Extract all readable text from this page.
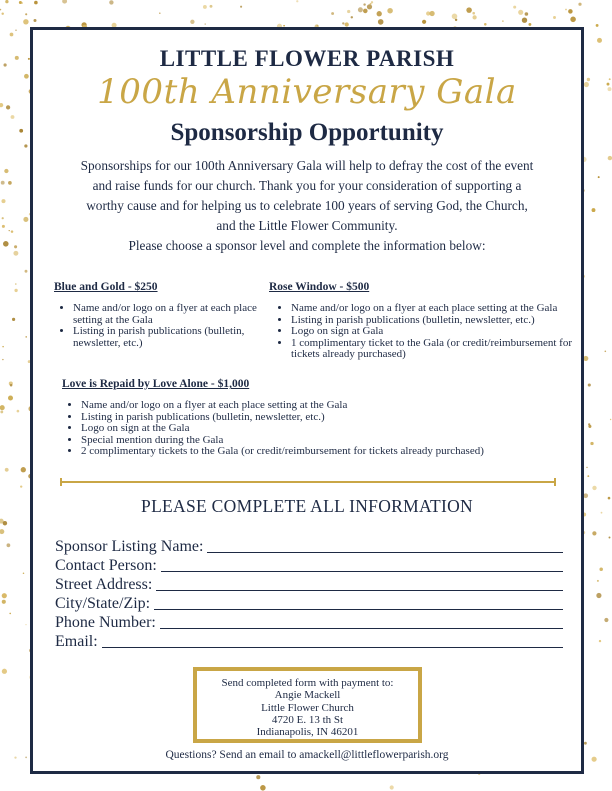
LITTLE FLOWER PARISH
100th Anniversary Gala
Sponsorship Opportunity
Sponsorships for our 100th Anniversary Gala will help to defray the cost of the event
and raise funds for our church. Thank you for your consideration of supporting a
worthy cause and for helping us to celebrate 100 years of serving God, the Church,
and the Little Flower Community.
Please choose a sponsor level and complete the information below:
Blue and Gold - $250
• Name and/or logo on a flyer at each place setting at the Gala
• Listing in parish publications (bulletin, newsletter, etc.)
Rose Window - $500
• Name and/or logo on a flyer at each place setting at the Gala
• Listing in parish publications (bulletin, newsletter, etc.)
• Logo on sign at Gala
• 1 complimentary ticket to the Gala (or credit/reimbursement for tickets already purchased)
Love is Repaid by Love Alone - $1,000
• Name and/or logo on a flyer at each place setting at the Gala
• Listing in parish publications (bulletin, newsletter, etc.)
• Logo on sign at the Gala
• Special mention during the Gala
• 2 complimentary tickets to the Gala (or credit/reimbursement for tickets already purchased)
PLEASE COMPLETE ALL INFORMATION
Sponsor Listing Name:
Contact Person:
Street Address:
City/State/Zip:
Phone Number:
Email:
Send completed form with payment to:
Angie Mackell
Little Flower Church
4720 E. 13 th St
Indianapolis, IN 46201
Questions? Send an email to amackell@littleflowerparish.org
